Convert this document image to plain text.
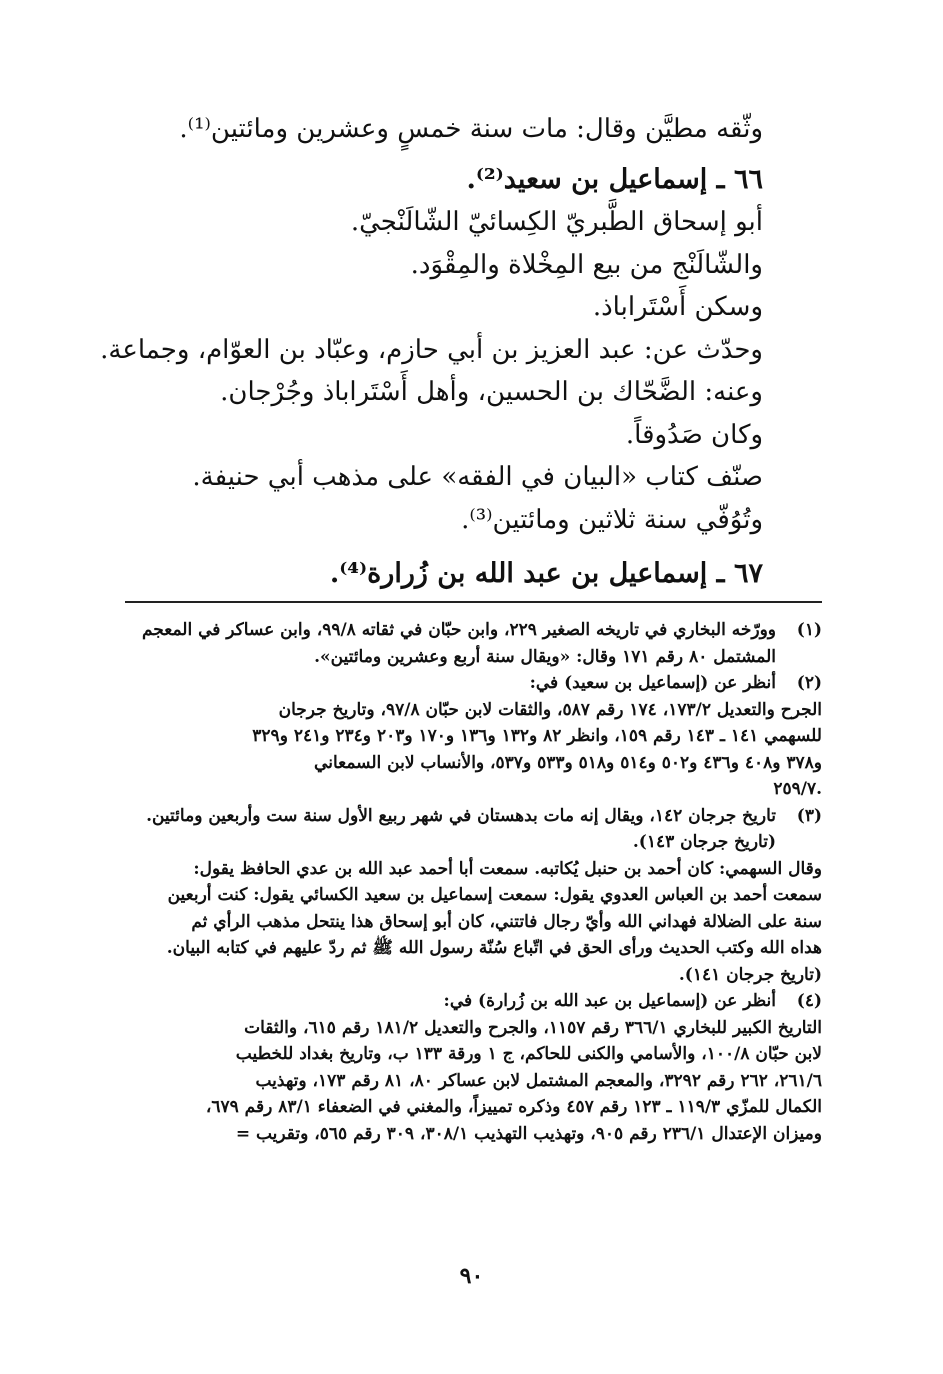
وثّقه مطيَّن وقال: مات سنة خمسٍ وعشرين ومائتين⁽¹⁾.
٦٦ ـ إسماعيل بن سعيد⁽²⁾.
أبو إسحاق الطَّبريّ الكِسائيّ الشّالَنْجيّ.
والشّالَنْج من بيع المِخْلاة والمِقْوَد.
وسكن أَسْتَراباذ.
وحدّث عن: عبد العزيز بن أبي حازم، وعبّاد بن العوّام، وجماعة.
وعنه: الضَّحّاك بن الحسين، وأهل أَسْتَراباذ وجُرْجان.
وكان صَدُوقاً.
صنّف كتاب «البيان في الفقه» على مذهب أبي حنيفة.
وتُوُفّي سنة ثلاثين ومائتين⁽³⁾.
٦٧ ـ إسماعيل بن عبد الله بن زُرارة⁽⁴⁾.
(١)
وورّخه البخاري في تاريخه الصغير ٢٢٩، وابن حبّان في ثقاته ٩٩/٨، وابن عساكر في المعجم
المشتمل ٨٠ رقم ١٧١ وقال: «ويقال سنة أربع وعشرين ومائتين».
(٢)
أنظر عن (إسماعيل بن سعيد) في:
الجرح والتعديل ١٧٣/٢، ١٧٤ رقم ٥٨٧، والثقات لابن حبّان ٩٧/٨، وتاريخ جرجان
للسهمي ١٤١ ـ ١٤٣ رقم ١٥٩، وانظر ٨٢ و١٣٢ و١٣٦ و١٧٠ و٢٠٣ و٢٣٤ و٢٤١ و٣٢٩
و٣٧٨ و٤٠٨ و٤٣٦ و٥٠٢ و٥١٤ و٥١٨ و٥٣٣ و٥٣٧، والأنساب لابن السمعاني
.٢٥٩/٧
(٣)
تاريخ جرجان ١٤٢، ويقال إنه مات بدهستان في شهر ربيع الأول سنة ست وأربعين ومائتين.
(تاريخ جرجان ١٤٣).
وقال السهمي: كان أحمد بن حنبل يُكاتبه. سمعت أبا أحمد عبد الله بن عدي الحافظ يقول:
سمعت أحمد بن العباس العدوي يقول: سمعت إسماعيل بن سعيد الكسائي يقول: كنت أربعين
سنة على الضلالة فهداني الله وأيّ رجال فاتتني، كان أبو إسحاق هذا ينتحل مذهب الرأي ثم
هداه الله وكتب الحديث ورأى الحق في اتّباع سُنّة رسول الله ﷺ ثم ردّ عليهم في كتابه البيان.
(تاريخ جرجان ١٤١).
(٤)
أنظر عن (إسماعيل بن عبد الله بن زُرارة) في:
التاريخ الكبير للبخاري ٣٦٦/١ رقم ١١٥٧، والجرح والتعديل ١٨١/٢ رقم ٦١٥، والثقات
لابن حبّان ١٠٠/٨، والأسامي والكنى للحاكم، ج ١ ورقة ١٣٣ ب، وتاريخ بغداد للخطيب
٢٦١/٦، ٢٦٢ رقم ٣٢٩٢، والمعجم المشتمل لابن عساكر ٨٠، ٨١ رقم ١٧٣، وتهذيب
الكمال للمزّي ١١٩/٣ ـ ١٢٣ رقم ٤٥٧ وذكره تمييزاً، والمغني في الضعفاء ٨٣/١ رقم ٦٧٩،
وميزان الإعتدال ٢٣٦/١ رقم ٩٠٥، وتهذيب التهذيب ٣٠٨/١، ٣٠٩ رقم ٥٦٥، وتقريب =
٩٠
